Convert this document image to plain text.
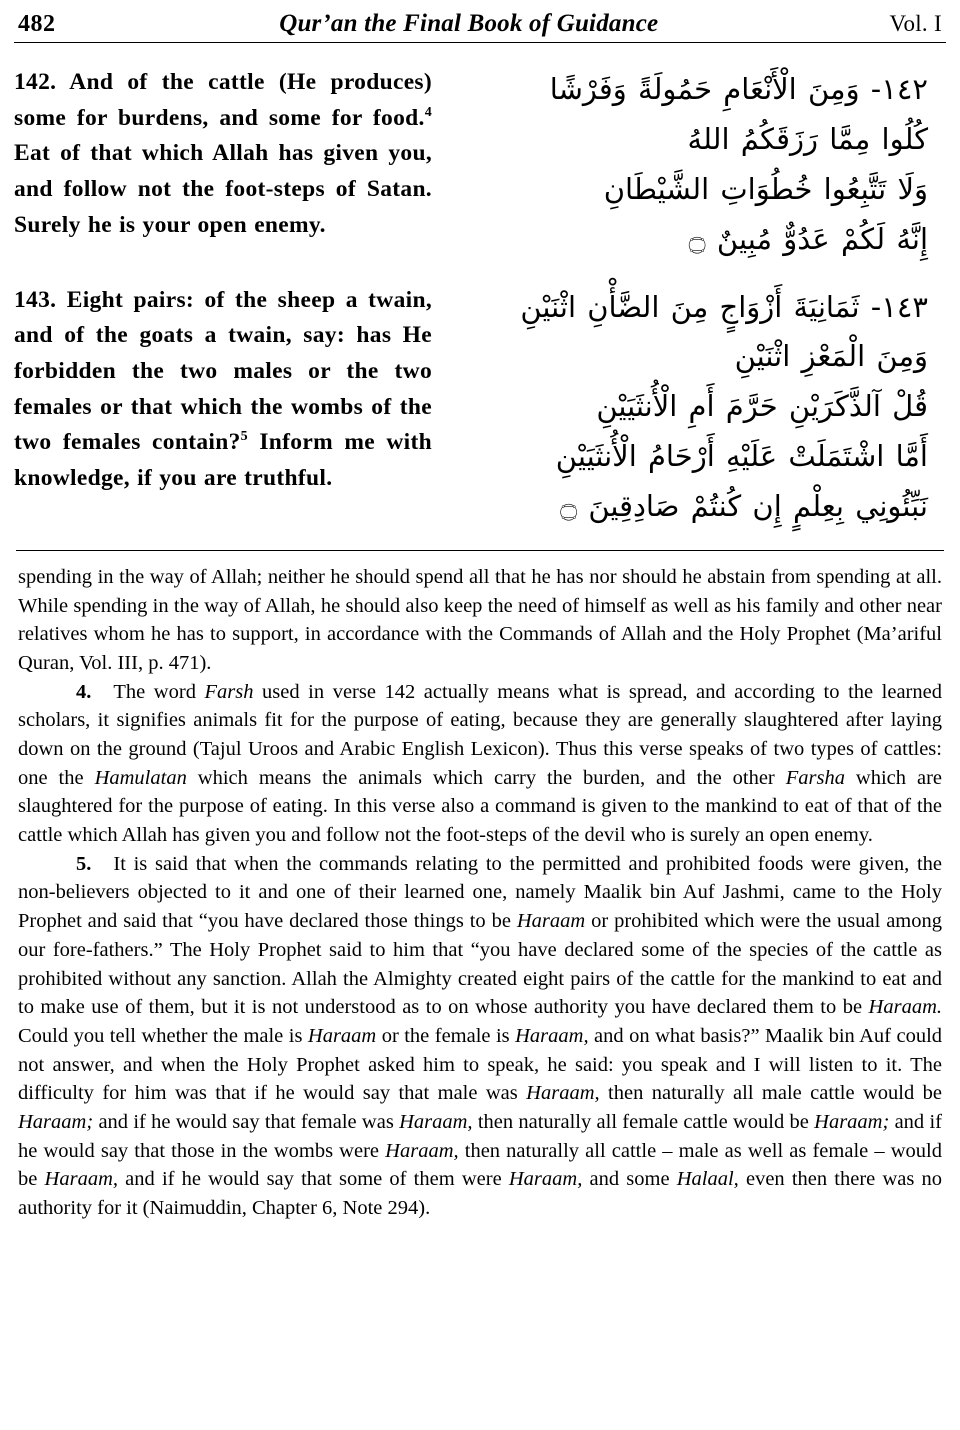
482	Qur’an the Final Book of Guidance	Vol. I
142. And of the cattle (He produces) some for burdens, and some for food.$^4$ Eat of that which Allah has given you, and follow not the foot-steps of Satan. Surely he is your open enemy.
١٤٢- وَمِنَ الْأَنْعَامِ حَمُولَةً وَفَرْشًا
كُلُوا مِمَّا رَزَقَكُمُ اللهُ
وَلَا تَتَّبِعُوا خُطُوَاتِ الشَّيْطَانِ
إِنَّهُ لَكُمْ عَدُوٌّ مُبِينٌ ۝
143. Eight pairs: of the sheep a twain, and of the goats a twain, say: has He forbidden the two males or the two females or that which the wombs of the two females contain?$^5$ Inform me with knowledge, if you are truthful.
١٤٣- ثَمَانِيَةَ أَزْوَاجٍ مِنَ الضَّأْنِ اثْنَيْنِ
وَمِنَ الْمَعْزِ اثْنَيْنِ
قُلْ آلذَّكَرَيْنِ حَرَّمَ أَمِ الْأُنثَيَيْنِ
أَمَّا اشْتَمَلَتْ عَلَيْهِ أَرْحَامُ الْأُنثَيَيْنِ
نَبِّئُونِي بِعِلْمٍ إِن كُنتُمْ صَادِقِينَ ۝

spending in the way of Allah; neither he should spend all that he has nor should he abstain from spending at all. While spending in the way of Allah, he should also keep the need of himself as well as his family and other near relatives whom he has to support, in accordance with the Commands of Allah and the Holy Prophet (Ma’ariful Quran, Vol. III, p. 471).

4. The word Farsh used in verse 142 actually means what is spread, and according to the learned scholars, it signifies animals fit for the purpose of eating, because they are generally slaughtered after laying down on the ground (Tajul Uroos and Arabic English Lexicon). Thus this verse speaks of two types of cattles: one the Hamulatan which means the animals which carry the burden, and the other Farsha which are slaughtered for the purpose of eating. In this verse also a command is given to the mankind to eat of that of the cattle which Allah has given you and follow not the foot-steps of the devil who is surely an open enemy.

5. It is said that when the commands relating to the permitted and prohibited foods were given, the non-believers objected to it and one of their learned one, namely Maalik bin Auf Jashmi, came to the Holy Prophet and said that “you have declared those things to be Haraam or prohibited which were the usual among our fore-fathers.” The Holy Prophet said to him that “you have declared some of the species of the cattle as prohibited without any sanction. Allah the Almighty created eight pairs of the cattle for the mankind to eat and to make use of them, but it is not understood as to on whose authority you have declared them to be Haraam. Could you tell whether the male is Haraam or the female is Haraam, and on what basis?” Maalik bin Auf could not answer, and when the Holy Prophet asked him to speak, he said: you speak and I will listen to it. The difficulty for him was that if he would say that male was Haraam, then naturally all male cattle would be Haraam; and if he would say that female was Haraam, then naturally all female cattle would be Haraam; and if he would say that those in the wombs were Haraam, then naturally all cattle – male as well as female – would be Haraam, and if he would say that some of them were Haraam, and some Halaal, even then there was no authority for it (Naimuddin, Chapter 6, Note 294).
